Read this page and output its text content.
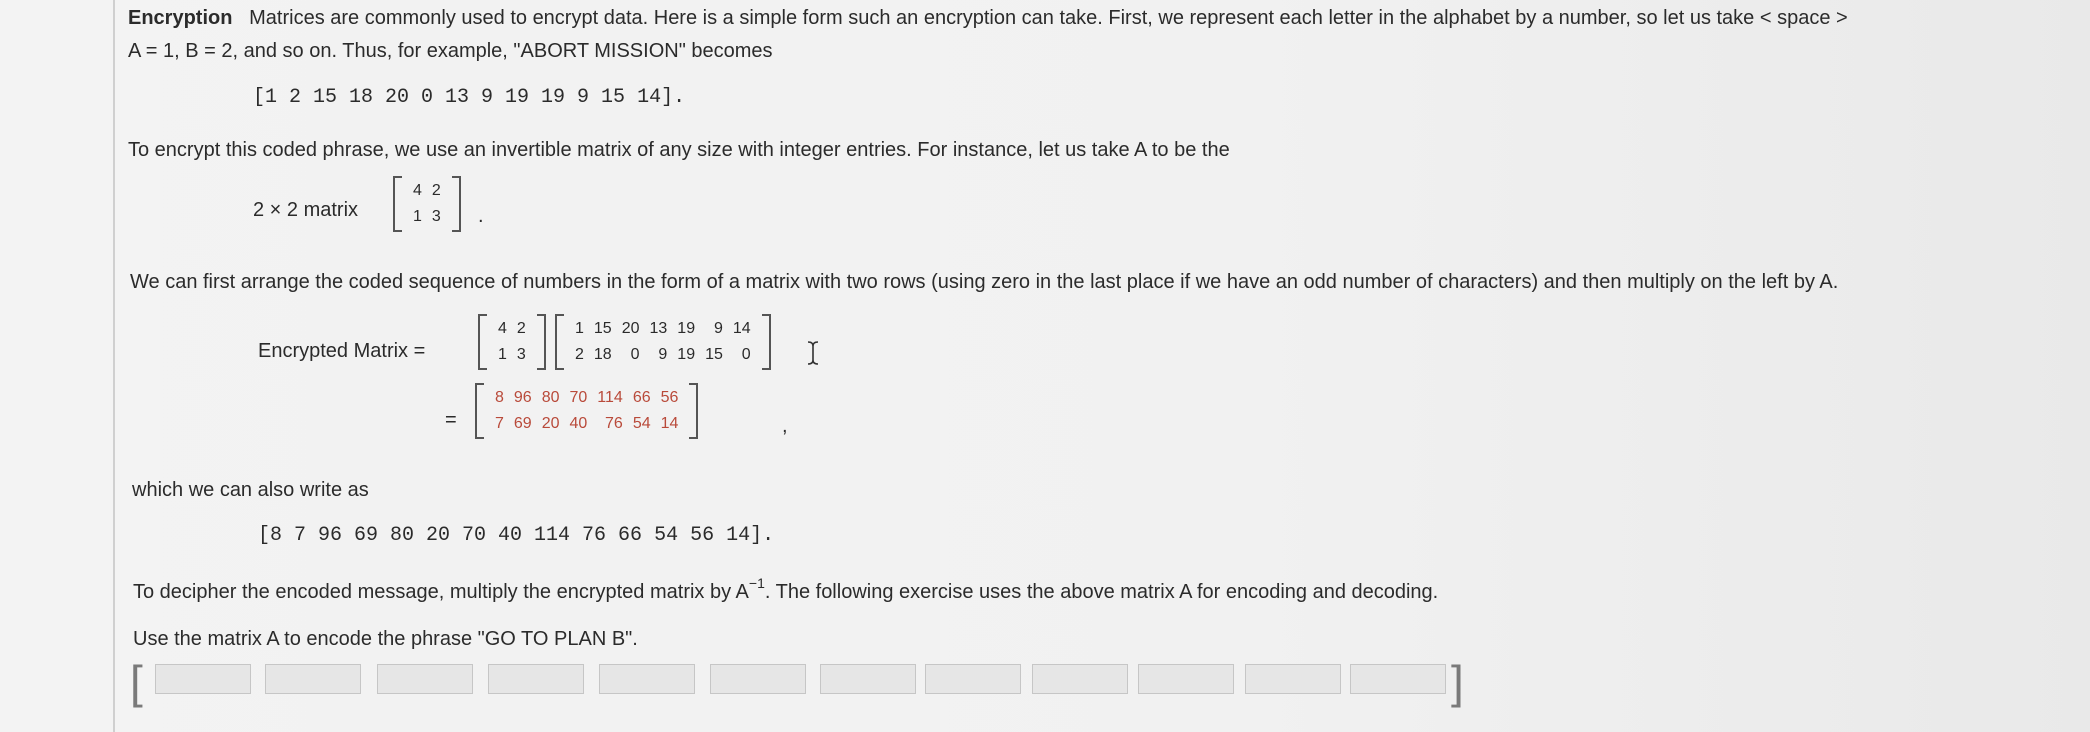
Encryption Matrices are commonly used to encrypt data. Here is a simple form such an encryption can take. First, we represent each letter in the alphabet by a number, so let us take < space >
A = 1, B = 2, and so on. Thus, for example, "ABORT MISSION" becomes
[1 2 15 18 20 0 13 9 19 19 9 15 14].
To encrypt this coded phrase, we use an invertible matrix of any size with integer entries. For instance, let us take A to be the
2 × 2 matrix
4 2
1 3 .
We can first arrange the coded sequence of numbers in the form of a matrix with two rows (using zero in the last place if we have an odd number of characters) and then multiply on the left by A.
Encrypted Matrix =
4 2
1 3
1 15 20 13 19	9 14
2 18	0	9 19 15	0
=
8 96 80 70 114 66 56
7 69 20 40	76 54 14	,
which we can also write as
[8 7 96 69 80 20 70 40 114 76 66 54 56 14].
To decipher the encoded message, multiply the encrypted matrix by $A^{-1}$. The following exercise uses the above matrix A for encoding and decoding.
Use the matrix A to encode the phrase "GO TO PLAN B".
[	]
